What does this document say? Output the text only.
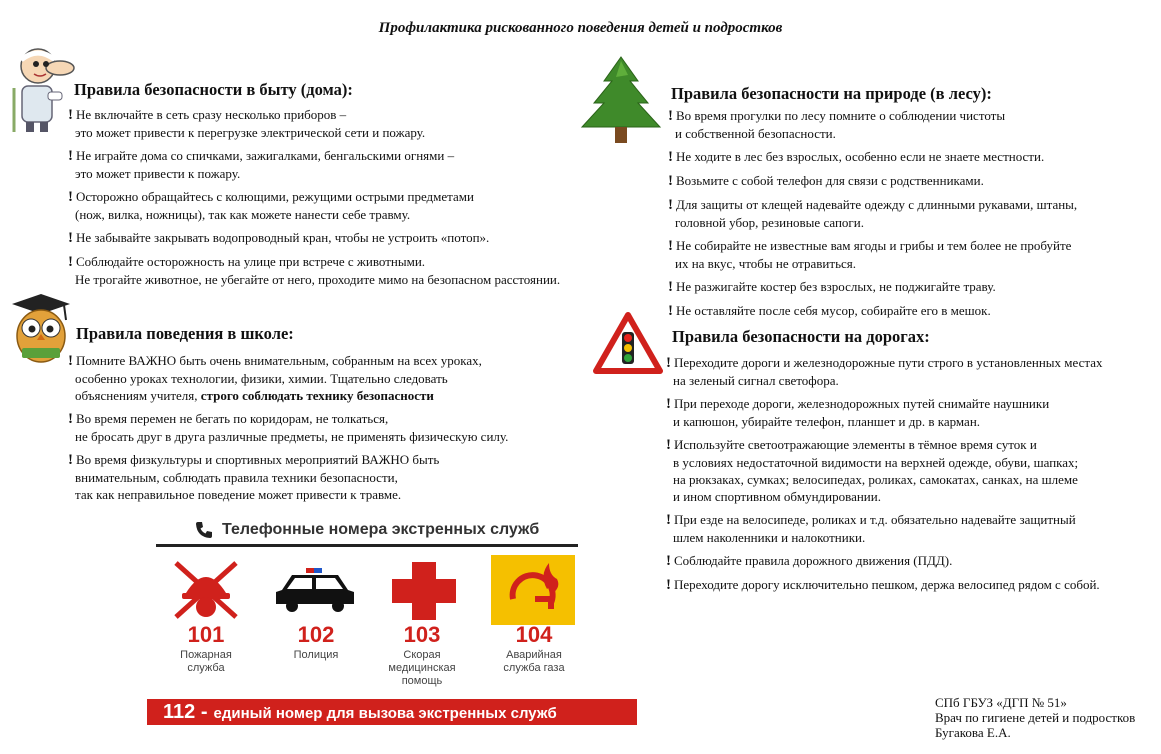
Профилактика рискованного поведения детей и подростков
Правила безопасности в быту (дома):
! Не включайте в сеть сразу несколько приборов –
это может привести к перегрузке электрической сети и пожару.
! Не играйте дома со спичками, зажигалками, бенгальскими огнями –
это может привести к пожару.
! Осторожно обращайтесь с колющими, режущими острыми предметами
(нож, вилка, ножницы), так как можете нанести себе травму.
! Не забывайте закрывать водопроводный кран, чтобы не устроить «потоп».
! Соблюдайте осторожность на улице при встрече с животными.
Не трогайте животное, не убегайте от него, проходите мимо на безопасном расстоянии.
Правила поведения в школе:
! Помните ВАЖНО быть очень внимательным, собранным на всех уроках,
особенно уроках технологии, физики, химии. Тщательно следовать
объяснениям учителя, строго соблюдать технику безопасности
! Во время перемен не бегать по коридорам, не толкаться,
не бросать друг в друга различные предметы, не применять физическую силу.
! Во время физкультуры и спортивных мероприятий ВАЖНО быть
внимательным, соблюдать правила техники безопасности,
так как неправильное поведение может привести к травме.
Правила безопасности на природе (в лесу):
! Во время прогулки по лесу помните о соблюдении чистоты
и собственной безопасности.
! Не ходите в лес без взрослых, особенно если не знаете местности.
! Возьмите с собой телефон для связи с родственниками.
! Для защиты от клещей надевайте одежду с длинными рукавами, штаны,
головной убор, резиновые сапоги.
! Не собирайте не известные вам ягоды и грибы и тем более не пробуйте
их на вкус, чтобы не отравиться.
! Не разжигайте костер без взрослых, не поджигайте траву.
! Не оставляйте после себя мусор, собирайте его в мешок.
Правила безопасности на дорогах:
! Переходите дороги и железнодорожные пути строго в установленных местах
на зеленый сигнал светофора.
! При переходе дороги, железнодорожных путей снимайте наушники
и капюшон, убирайте телефон, планшет и др. в карман.
! Используйте светоотражающие элементы в тёмное время суток и
в условиях недостаточной видимости на верхней одежде, обуви, шапках;
на рюкзаках, сумках; велосипедах, роликах, самокатах, санках, на шлеме
и ином спортивном обмундировании.
! При езде на велосипеде, роликах и т.д. обязательно надевайте защитный
шлем наколенники и налокотники.
! Соблюдайте правила дорожного движения (ПДД).
! Переходите дорогу исключительно пешком, держа велосипед рядом с собой.
Телефонные номера экстренных служб
101	102	103	104
Пожарная
служба
Полиция	Скорая
медицинская
помощь
Аварийная
служба газа
112 - единый номер для вызова экстренных служб
СПб ГБУЗ «ДГП № 51»
Врач по гигиене детей и подростков
Бугакова Е.А.
